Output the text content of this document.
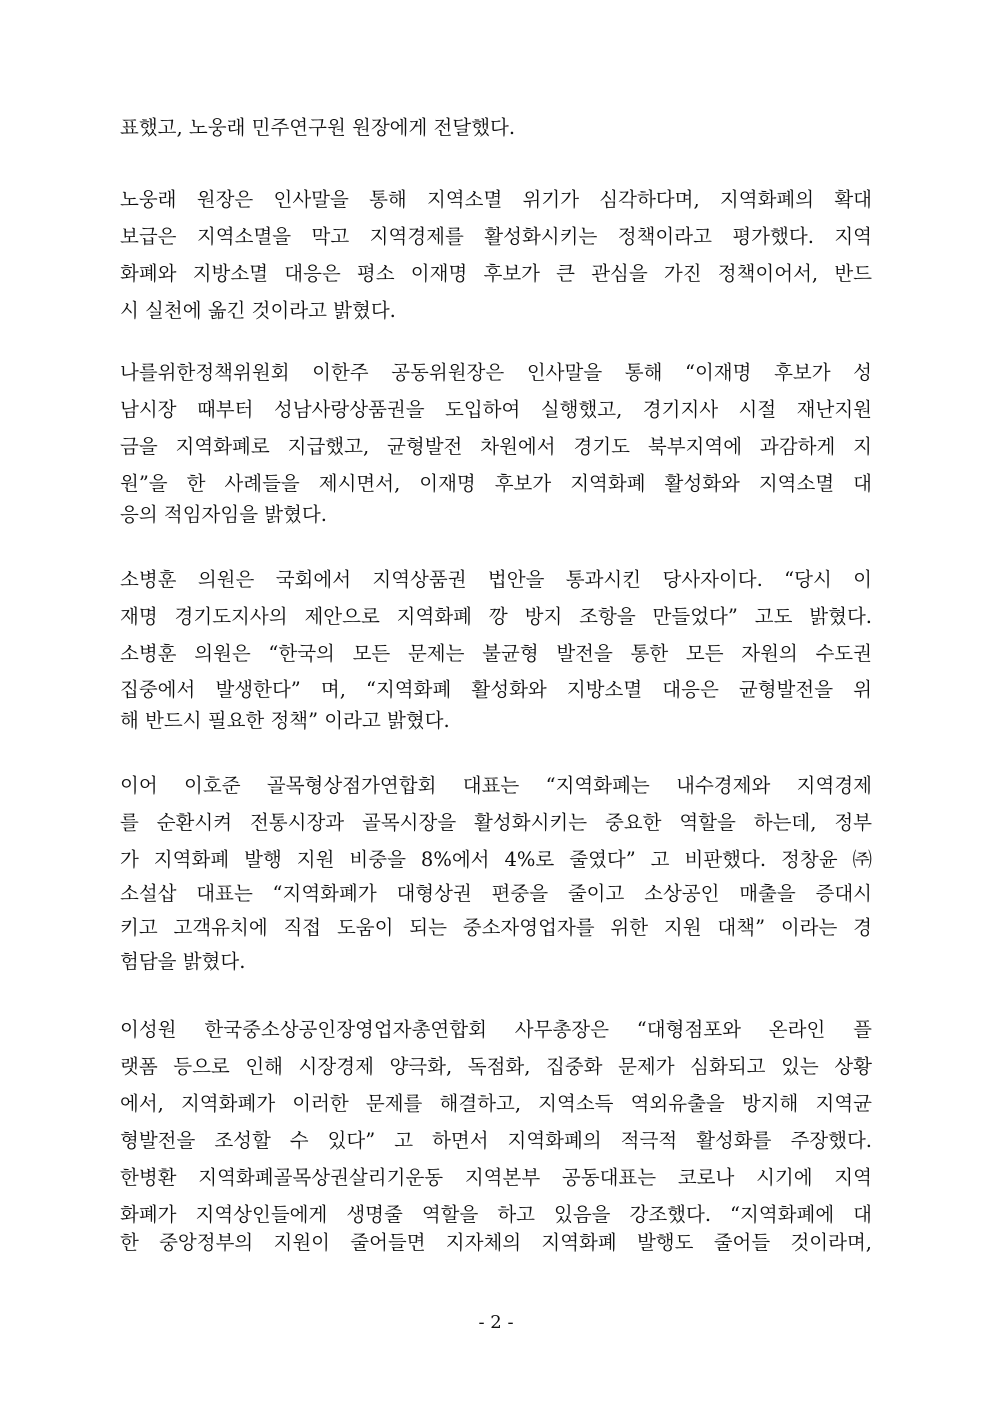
표했고, 노웅래 민주연구원 원장에게 전달했다.
노웅래 원장은 인사말을 통해 지역소멸 위기가 심각하다며, 지역화폐의 확대
보급은 지역소멸을 막고 지역경제를 활성화시키는 정책이라고 평가했다. 지역
화폐와 지방소멸 대응은 평소 이재명 후보가 큰 관심을 가진 정책이어서, 반드
시 실천에 옮긴 것이라고 밝혔다.
나를위한정책위원회 이한주 공동위원장은 인사말을 통해 “이재명 후보가 성
남시장 때부터 성남사랑상품권을 도입하여 실행했고, 경기지사 시절 재난지원
금을 지역화폐로 지급했고, 균형발전 차원에서 경기도 북부지역에 과감하게 지
원”을 한 사례들을 제시면서, 이재명 후보가 지역화폐 활성화와 지역소멸 대
응의 적임자임을 밝혔다.
소병훈 의원은 국회에서 지역상품권 법안을 통과시킨 당사자이다. “당시 이
재명 경기도지사의 제안으로 지역화폐 깡 방지 조항을 만들었다” 고도 밝혔다.
소병훈 의원은 “한국의 모든 문제는 불균형 발전을 통한 모든 자원의 수도권
집중에서 발생한다” 며, “지역화폐 활성화와 지방소멸 대응은 균형발전을 위
해 반드시 필요한 정책” 이라고 밝혔다.
이어 이호준 골목형상점가연합회 대표는 “지역화폐는 내수경제와 지역경제
를 순환시켜 전통시장과 골목시장을 활성화시키는 중요한 역할을 하는데, 정부
가 지역화폐 발행 지원 비중을 8%에서 4%로 줄였다” 고 비판했다. 정창윤 ㈜
소설삽 대표는 “지역화폐가 대형상권 편중을 줄이고 소상공인 매출을 증대시
키고 고객유치에 직접 도움이 되는 중소자영업자를 위한 지원 대책” 이라는 경
험담을 밝혔다.
이성원 한국중소상공인장영업자총연합회 사무총장은 “대형점포와 온라인 플
랫폼 등으로 인해 시장경제 양극화, 독점화, 집중화 문제가 심화되고 있는 상황
에서, 지역화폐가 이러한 문제를 해결하고, 지역소득 역외유출을 방지해 지역균
형발전을 조성할 수 있다” 고 하면서 지역화폐의 적극적 활성화를 주장했다.
한병환 지역화폐골목상권살리기운동 지역본부 공동대표는 코로나 시기에 지역
화폐가 지역상인들에게 생명줄 역할을 하고 있음을 강조했다. “지역화폐에 대
한 중앙정부의 지원이 줄어들면 지자체의 지역화폐 발행도 줄어들 것이라며,
- 2 -
